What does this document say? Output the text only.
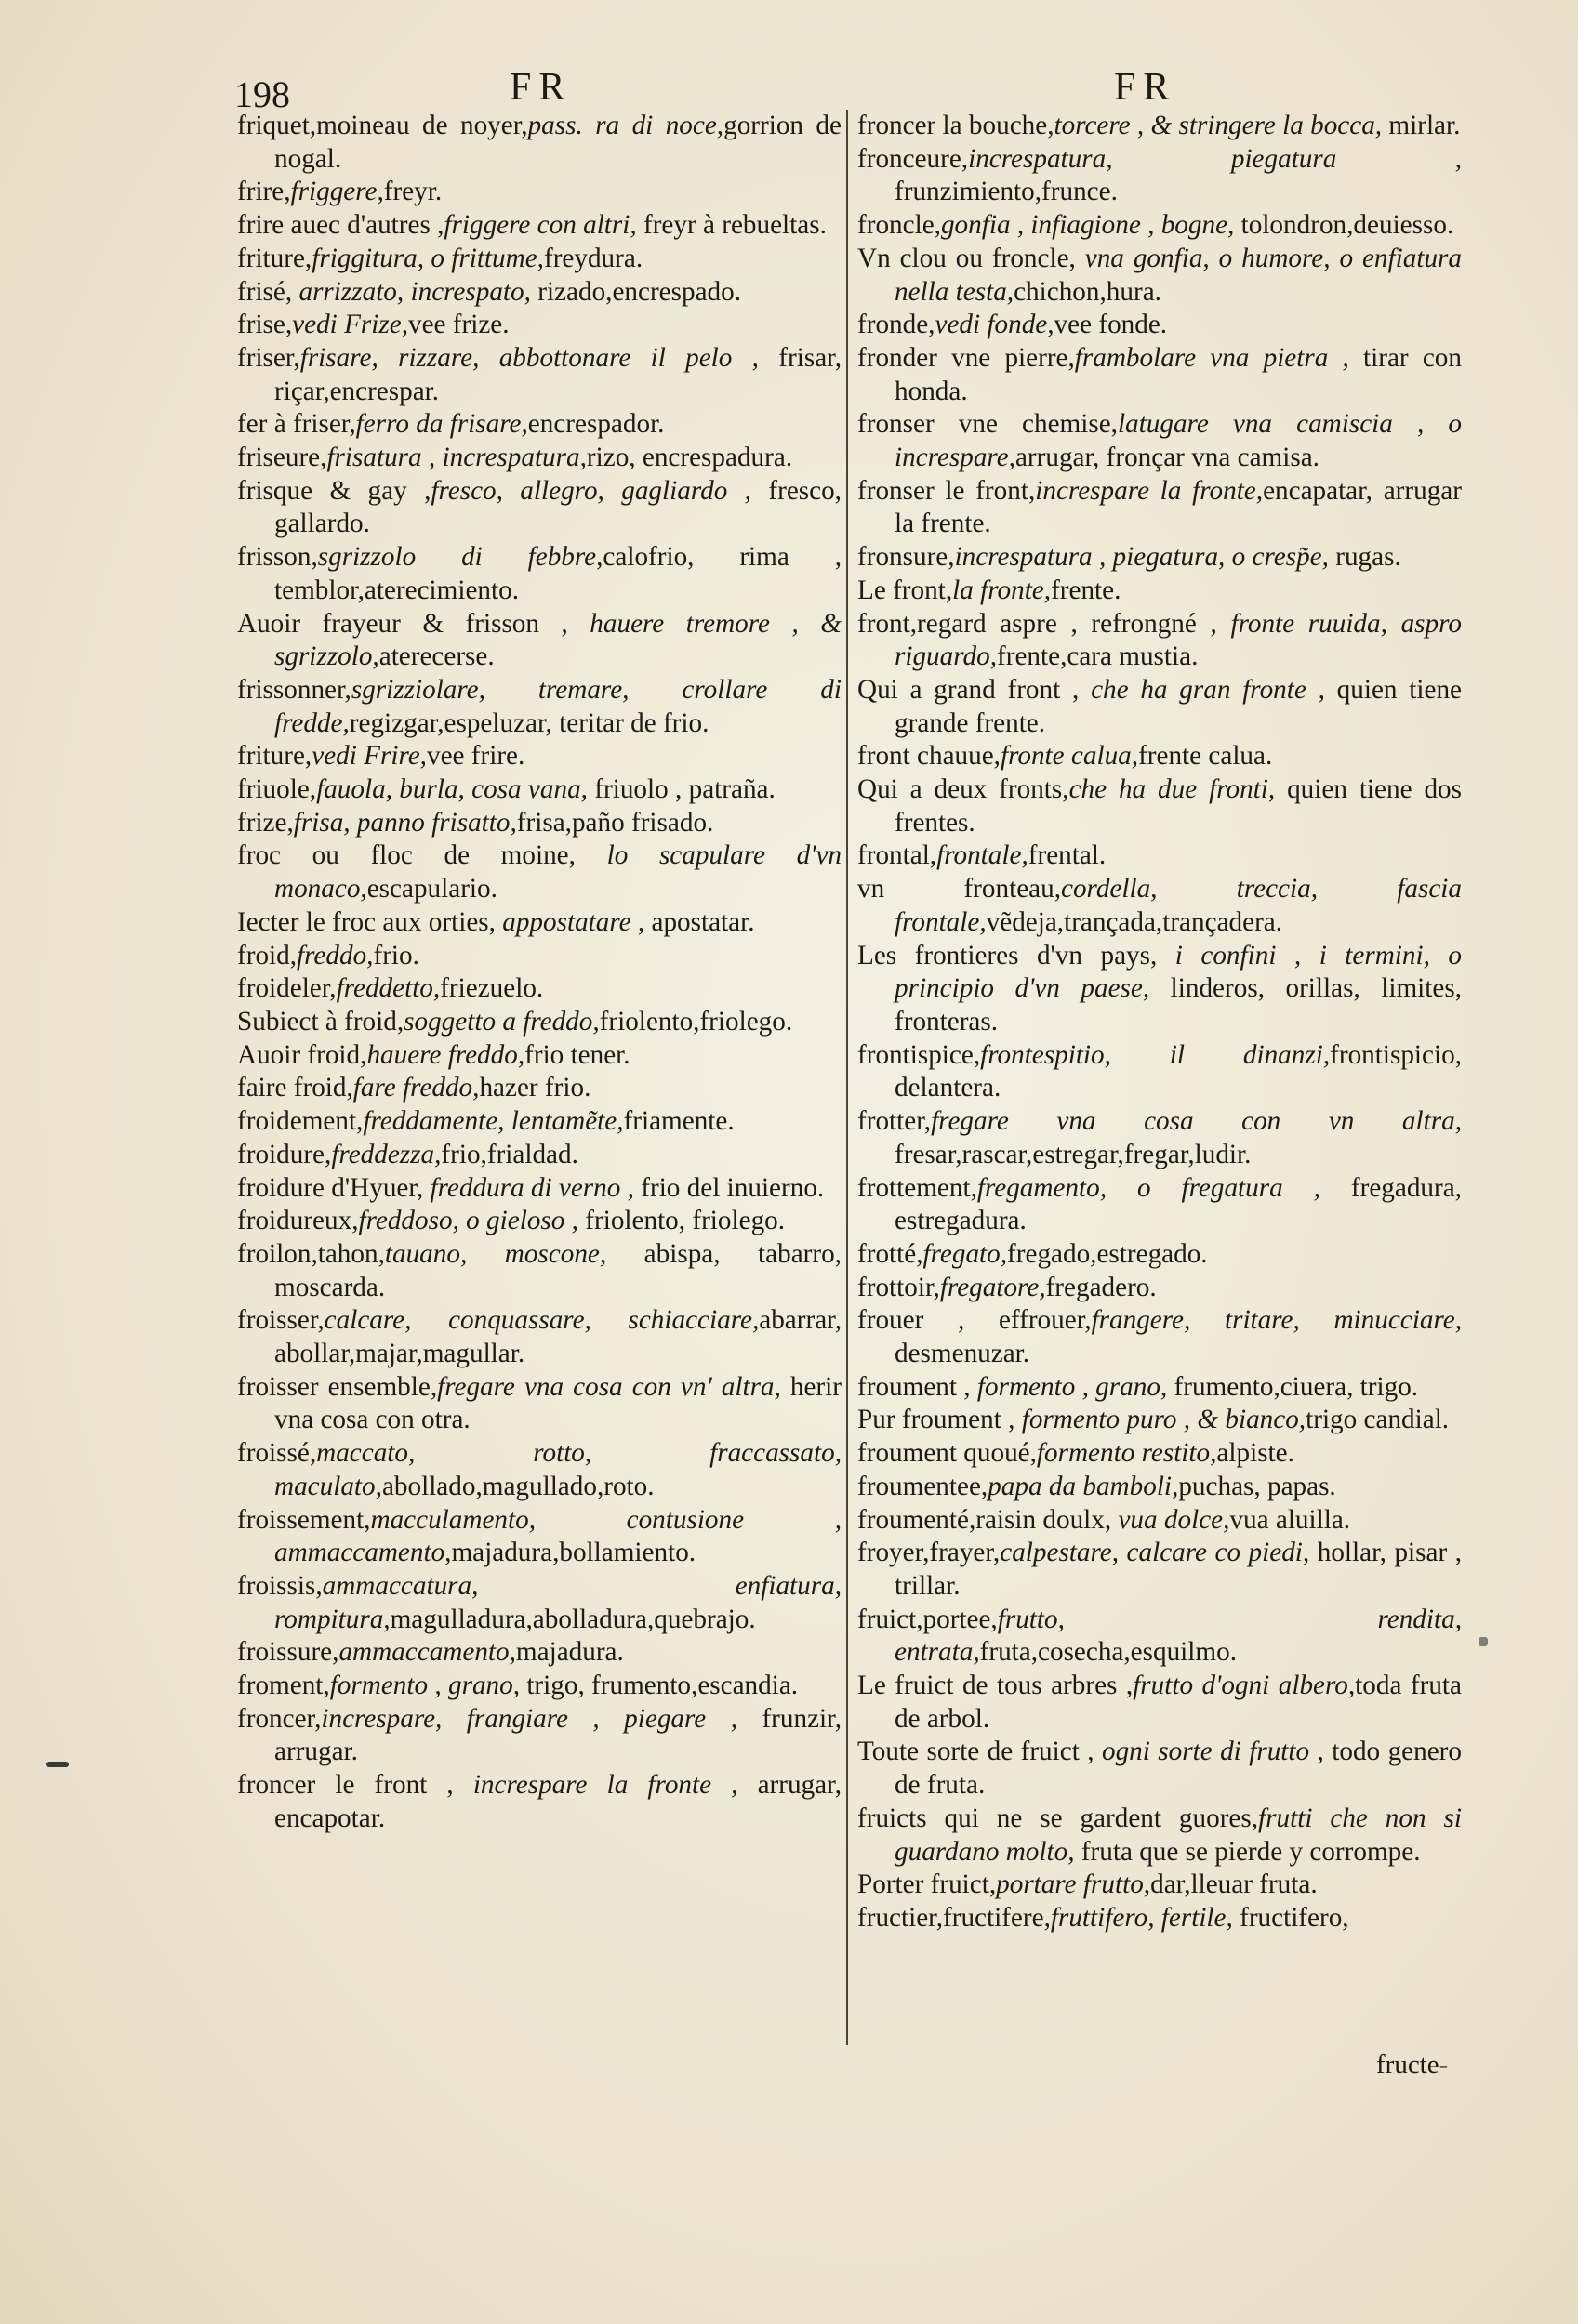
198	FR	FR
friquet,moineau de noyer,pass. ra di noce,gorrion de nogal.
frire,friggere,freyr.
frire auec d'autres ,friggere con altri, freyr à rebueltas.
friture,friggitura, o frittume,freydura.
frisé, arrizzato, increspato, rizado,encrespado.
frise,vedi Frize,vee frize.
friser,frisare, rizzare, abbottonare il pelo , frisar, riçar,encrespar.
fer à friser,ferro da frisare,encrespador.
friseure,frisatura , increspatura,rizo, encrespadura.
frisque & gay ,fresco, allegro, gagliardo , fresco, gallardo.
frisson,sgrizzolo di febbre,calofrio, rima , temblor,aterecimiento.
Auoir frayeur & frisson , hauere tremore , & sgrizzolo,aterecerse.
frissonner,sgrizziolare, tremare, crollare di fredde,regizgar,espeluzar, teritar de frio.
friture,vedi Frire,vee frire.
friuole,fauola, burla, cosa vana, friuolo , patraña.
frize,frisa, panno frisatto,frisa,paño frisado.
froc ou floc de moine, lo scapulare d'vn monaco,escapulario.
Iecter le froc aux orties, appostatare , apostatar.
froid,freddo,frio.
froideler,freddetto,friezuelo.
Subiect à froid,soggetto a freddo,friolento,friolego.
Auoir froid,hauere freddo,frio tener.
faire froid,fare freddo,hazer frio.
froidement,freddamente, lentamẽte,friamente.
froidure,freddezza,frio,frialdad.
froidure d'Hyuer, freddura di verno , frio del inuierno.
froidureux,freddoso, o gieloso , friolento, friolego.
froilon,tahon,tauano, moscone, abispa, tabarro, moscarda.
froisser,calcare, conquassare, schiacciare,abarrar, abollar,majar,magullar.
froisser ensemble,fregare vna cosa con vn' altra, herir vna cosa con otra.
froissé,maccato, rotto, fraccassato, maculato,abollado,magullado,roto.
froissement,macculamento, contusione , ammaccamento,majadura,bollamiento.
froissis,ammaccatura, enfiatura, rompitura,magulladura,abolladura,quebrajo.
froissure,ammaccamento,majadura.
froment,formento , grano, trigo, frumento,escandia.
froncer,increspare, frangiare , piegare , frunzir, arrugar.
froncer le front , increspare la fronte , arrugar, encapotar.
froncer la bouche,torcere , & stringere la bocca, mirlar.
fronceure,increspatura, piegatura , frunzimiento,frunce.
froncle,gonfia , infiagione , bogne, tolondron,deuiesso.
Vn clou ou froncle, vna gonfia, o humore, o enfiatura nella testa,chichon,hura.
fronde,vedi fonde,vee fonde.
fronder vne pierre,frambolare vna pietra , tirar con honda.
fronser vne chemise,latugare vna camiscia , o increspare,arrugar, fronçar vna camisa.
fronser le front,increspare la fronte,encapatar, arrugar la frente.
fronsure,increspatura , piegatura, o cresp̃e, rugas.
Le front,la fronte,frente.
front,regard aspre , refrongné , fronte ruuida, aspro riguardo,frente,cara mustia.
Qui a grand front , che ha gran fronte , quien tiene grande frente.
front chauue,fronte calua,frente calua.
Qui a deux fronts,che ha due fronti, quien tiene dos frentes.
frontal,frontale,frental.
vn fronteau,cordella, treccia, fascia frontale,vẽdeja,trançada,trançadera.
Les frontieres d'vn pays, i confini , i termini, o principio d'vn paese, linderos, orillas, limites, fronteras.
frontispice,frontespitio, il dinanzi,frontispicio, delantera.
frotter,fregare vna cosa con vn altra, fresar,rascar,estregar,fregar,ludir.
frottement,fregamento, o fregatura , fregadura, estregadura.
frotté,fregato,fregado,estregado.
frottoir,fregatore,fregadero.
frouer , effrouer,frangere, tritare, minucciare, desmenuzar.
froument , formento , grano, frumento,ciuera, trigo.
Pur froument , formento puro , & bianco,trigo candial.
froument quoué,formento restito,alpiste.
froumentee,papa da bamboli,puchas, papas.
froumenté,raisin doulx, vua dolce,vua aluilla.
froyer,frayer,calpestare, calcare co piedi, hollar, pisar , trillar.
fruict,portee,frutto, rendita, entrata,fruta,cosecha,esquilmo.
Le fruict de tous arbres ,frutto d'ogni albero,toda fruta de arbol.
Toute sorte de fruict , ogni sorte di frutto , todo genero de fruta.
fruicts qui ne se gardent guores,frutti che non si guardano molto, fruta que se pierde y corrompe.
Porter fruict,portare frutto,dar,lleuar fruta.
fructier,fructifere,fruttifero, fertile, fructifero,
fructe-
